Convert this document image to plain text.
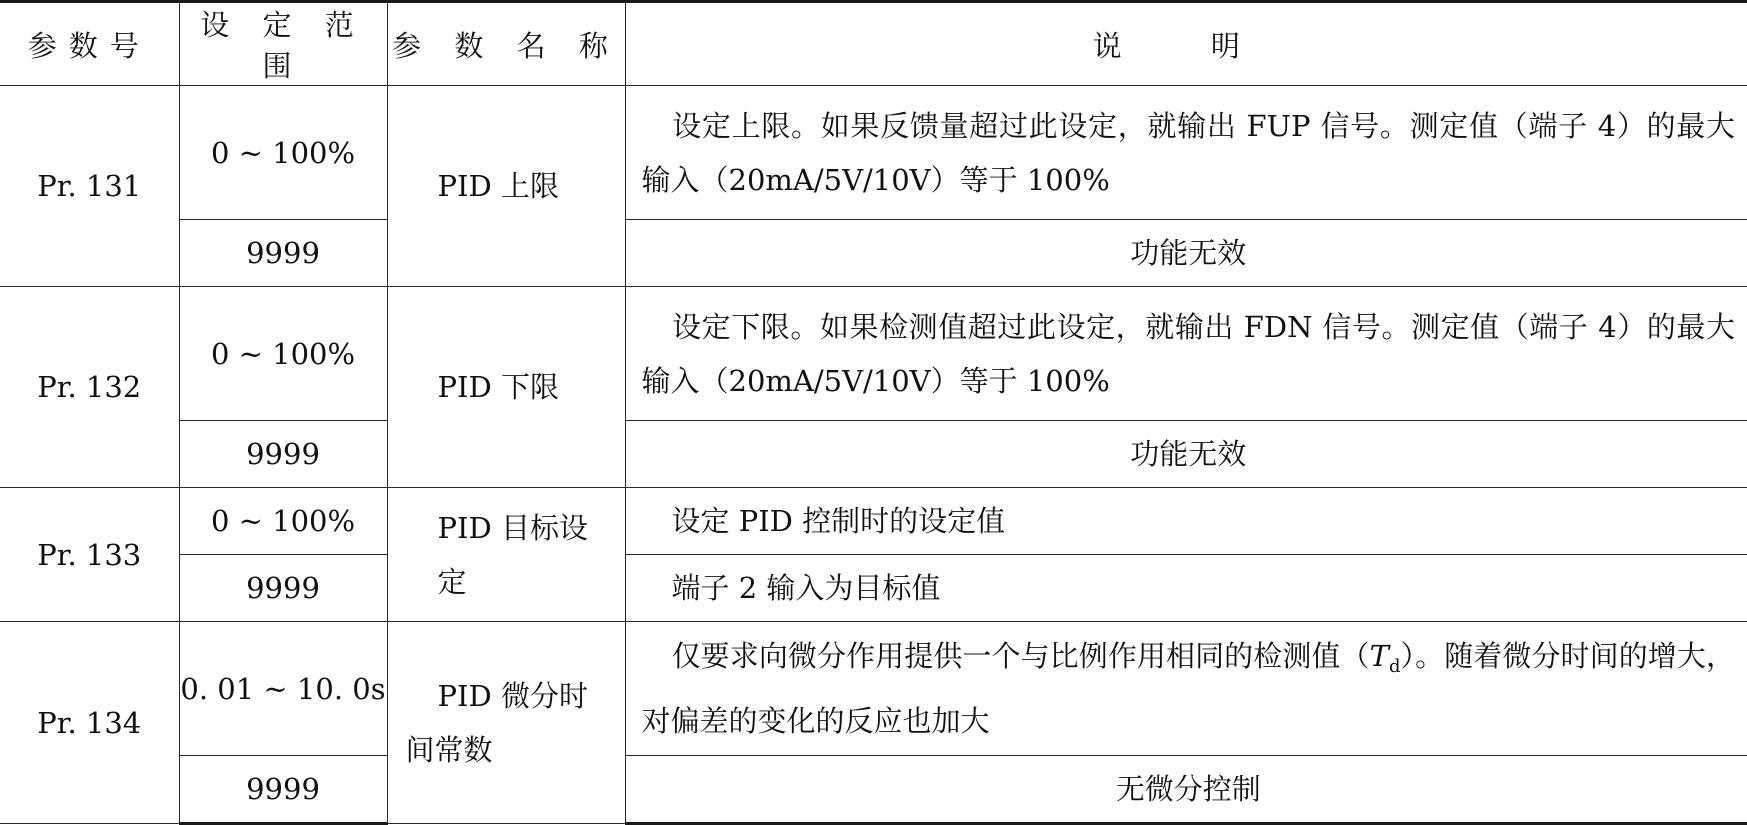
参数号	设 定 范 围	参 数 名 称	说 明
Pr. 131	0 ~ 100%	PID 上限	设定上限。如果反馈量超过此设定，就输出 FUP 信号。测定值（端子 4）的最大输入（20mA/5V/10V）等于 100%
	9999		功能无效
Pr. 132	0 ~ 100%	PID 下限	设定下限。如果检测值超过此设定，就输出 FDN 信号。测定值（端子 4）的最大输入（20mA/5V/10V）等于 100%
	9999		功能无效
Pr. 133	0 ~ 100%	PID 目标设定	设定 PID 控制时的设定值
	9999		端子 2 输入为目标值
Pr. 134	0. 01 ~ 10. 0s	PID 微分时间常数	仅要求向微分作用提供一个与比例作用相同的检测值$(T_d)$。随着微分时间的增大，对偏差的变化的反应也加大
	9999		无微分控制
